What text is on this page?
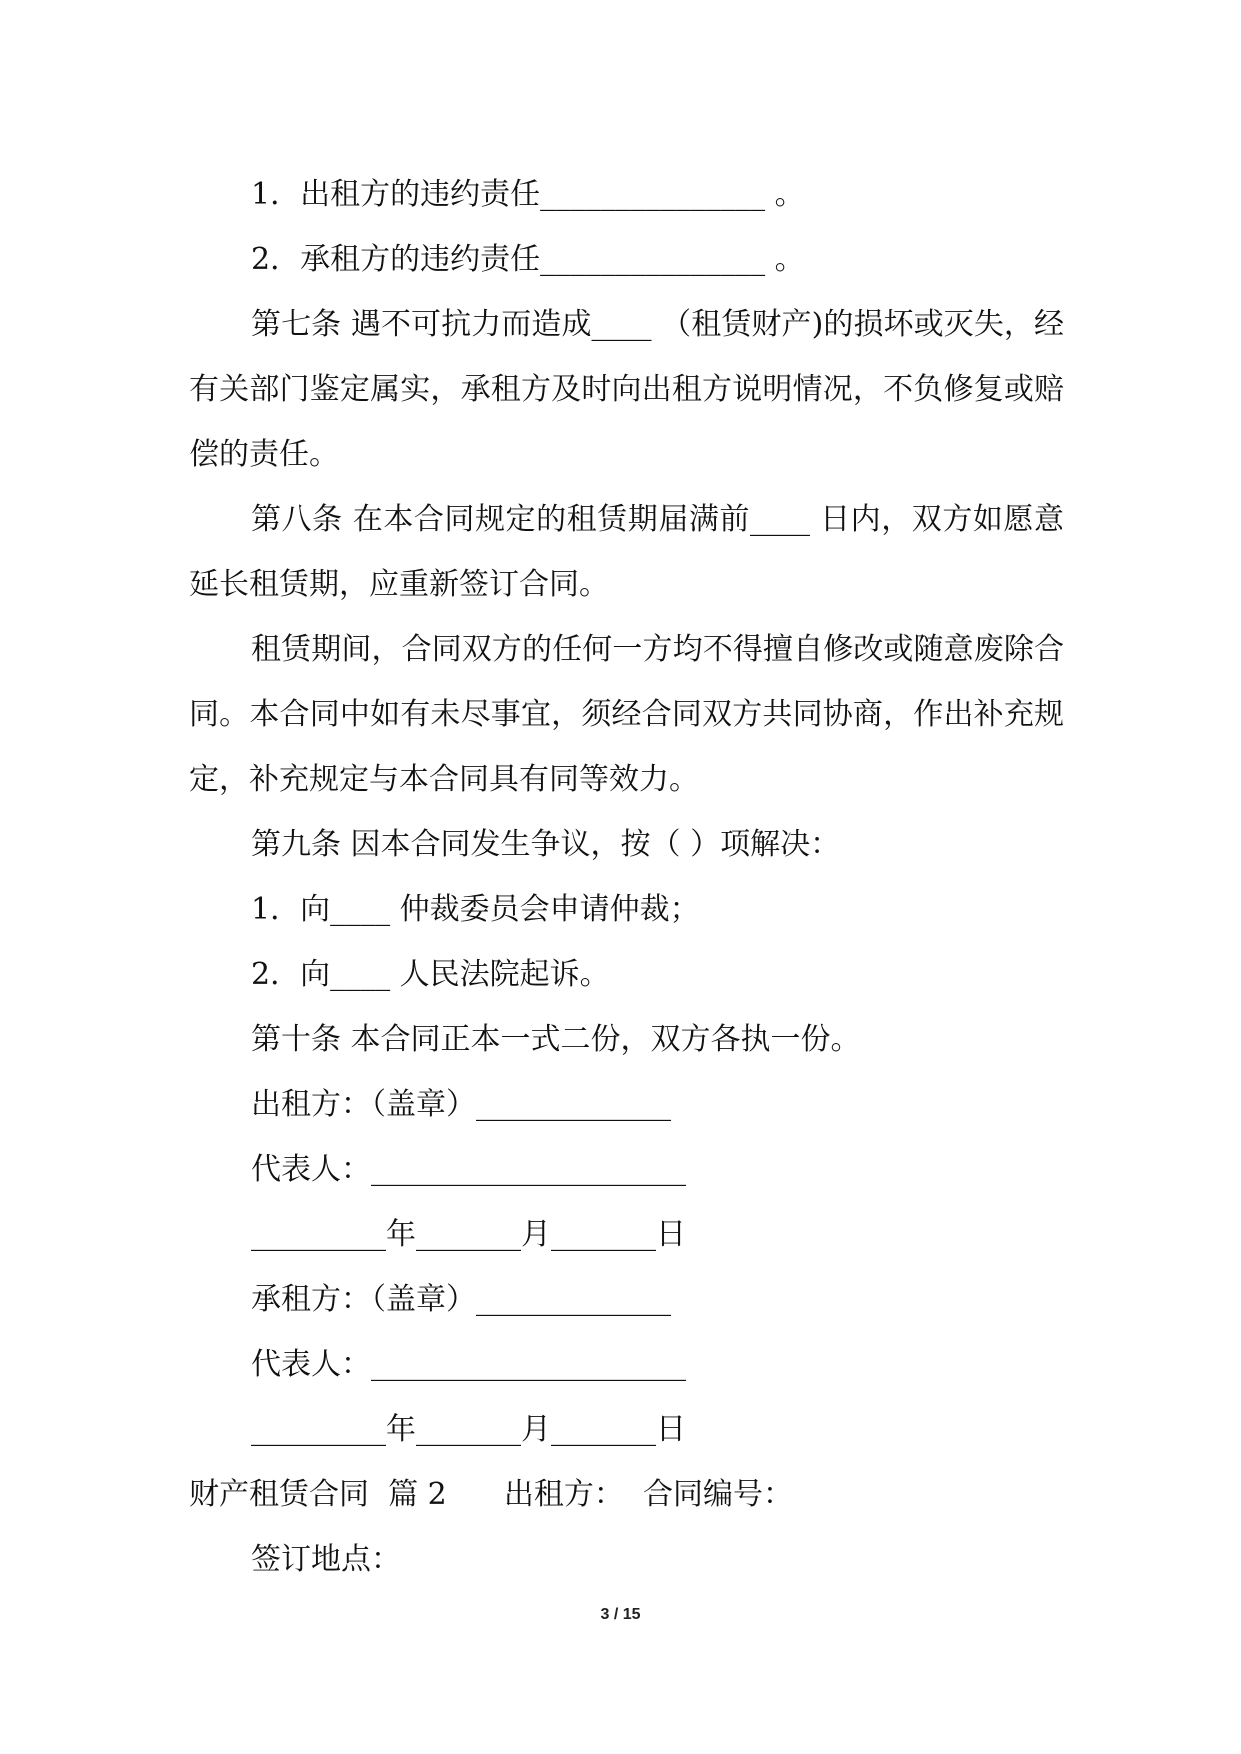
1．出租方的违约责任_______________ 。

2．承租方的违约责任_______________ 。

第七条 遇不可抗力而造成____ （租赁财产)的损坏或灭失，经有关部门鉴定属实，承租方及时向出租方说明情况，不负修复或赔偿的责任。

第八条 在本合同规定的租赁期届满前____ 日内，双方如愿意延长租赁期，应重新签订合同。

租赁期间，合同双方的任何一方均不得擅自修改或随意废除合同。本合同中如有未尽事宜，须经合同双方共同协商，作出补充规定，补充规定与本合同具有同等效力。

第九条 因本合同发生争议，按（ ）项解决：

1．向____ 仲裁委员会申请仲裁；

2．向____ 人民法院起诉。

第十条 本合同正本一式二份，双方各执一份。

出租方：（盖章）_____________

代表人：_____________________

_________年_______月_______日

承租方：（盖章）_____________

代表人：_____________________

_________年_______月_______日

财产租赁合同  篇 2      出租方：  合同编号：

签订地点：

3 / 15
